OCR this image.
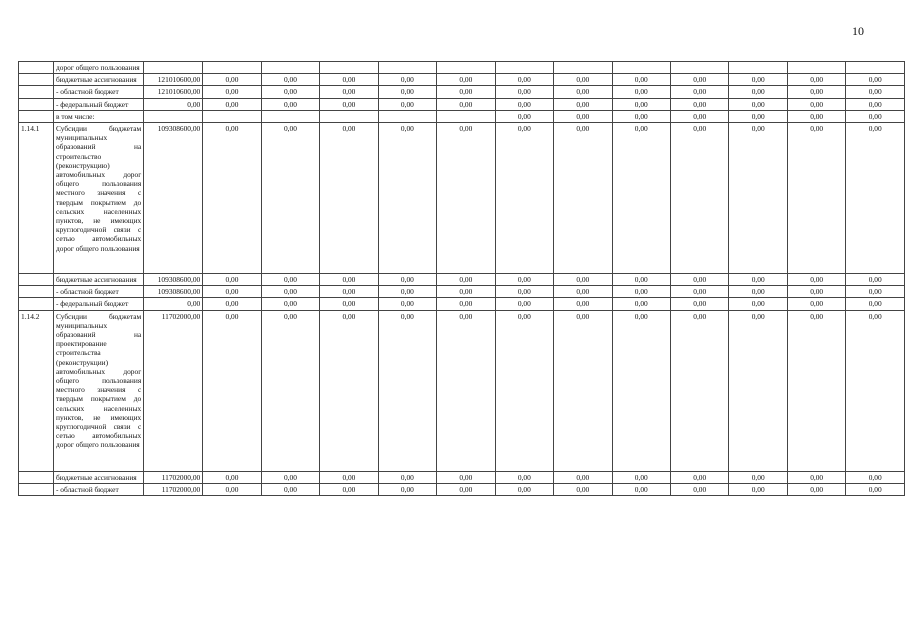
10
	дорог общего пользования													
	бюджетные ассигнования	121010600,00	0,00	0,00	0,00	0,00	0,00	0,00	0,00	0,00	0,00	0,00	0,00	0,00
	- областной бюджет	121010600,00	0,00	0,00	0,00	0,00	0,00	0,00	0,00	0,00	0,00	0,00	0,00	0,00
	- федеральный бюджет	0,00	0,00	0,00	0,00	0,00	0,00	0,00	0,00	0,00	0,00	0,00	0,00	0,00
	в том числе:							0,00	0,00	0,00	0,00	0,00	0,00	0,00
1.14.1	Субсидии бюджетам муниципальных образований на строительство (реконструкцию) автомобильных дорог общего пользования местного значения с твердым покрытием до сельских населенных пунктов, не имеющих круглогодичной связи с сетью автомобильных дорог общего пользования	109308600,00	0,00	0,00	0,00	0,00	0,00	0,00	0,00	0,00	0,00	0,00	0,00	0,00
	бюджетные ассигнования	109308600,00	0,00	0,00	0,00	0,00	0,00	0,00	0,00	0,00	0,00	0,00	0,00	0,00
	- областной бюджет	109308600,00	0,00	0,00	0,00	0,00	0,00	0,00	0,00	0,00	0,00	0,00	0,00	0,00
	- федеральный бюджет	0,00	0,00	0,00	0,00	0,00	0,00	0,00	0,00	0,00	0,00	0,00	0,00	0,00
1.14.2	Субсидии бюджетам муниципальных образований на проектирование строительства (реконструкции) автомобильных дорог общего пользования местного значения с твердым покрытием до сельских населенных пунктов, не имеющих круглогодичной связи с сетью автомобильных дорог общего пользования	11702000,00	0,00	0,00	0,00	0,00	0,00	0,00	0,00	0,00	0,00	0,00	0,00	0,00
	бюджетные ассигнования	11702000,00	0,00	0,00	0,00	0,00	0,00	0,00	0,00	0,00	0,00	0,00	0,00	0,00
	- областной бюджет	11702000,00	0,00	0,00	0,00	0,00	0,00	0,00	0,00	0,00	0,00	0,00	0,00	0,00
